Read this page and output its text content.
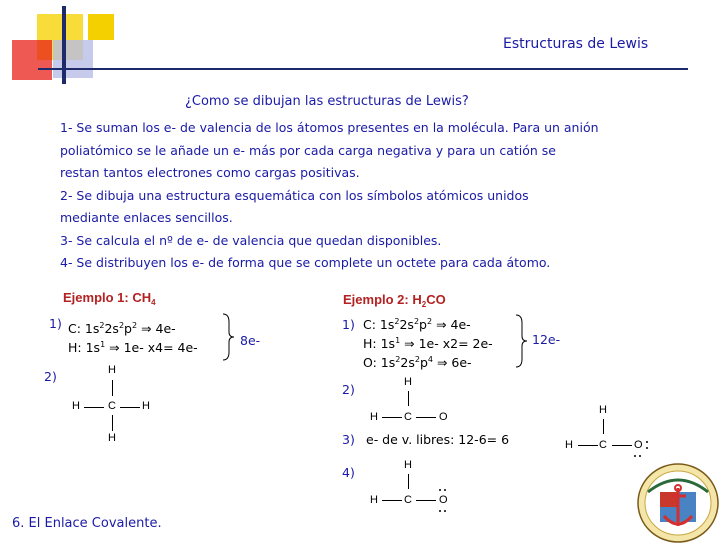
Estructuras de Lewis
¿Como se dibujan las estructuras de Lewis?
1- Se suman los e- de valencia de los átomos presentes en la molécula. Para un anión
poliatómico se le añade un e- más por cada carga negativa y para un catión se
restan tantos electrones como cargas positivas.
2- Se dibuja una estructura esquemática con los símbolos atómicos unidos
mediante enlaces sencillos.
3- Se calcula el nº de e- de valencia que quedan disponibles.
4- Se distribuyen los e- de forma que se complete un octete para cada átomo.
Ejemplo 1: $CH_4$
1) C: $1s^22s^2p^2$ ⇒ 4e-
H: $1s^1$ ⇒ 1e- x4= 4e-	8e-
2)	H
H	C H
H
Ejemplo 2: $H_2CO$
1) C: $1s^22s^2p^2$ ⇒ 4e-
H: $1s^1$ ⇒ 1e- x2= 2e-
O: $1s^22s^2p^4$ ⇒ 6e-
12e-
2)	H
H C O
3) e- de v. libres: 12-6= 6
H
H C O
4)	H
H C O
6. El Enlace Covalente.
